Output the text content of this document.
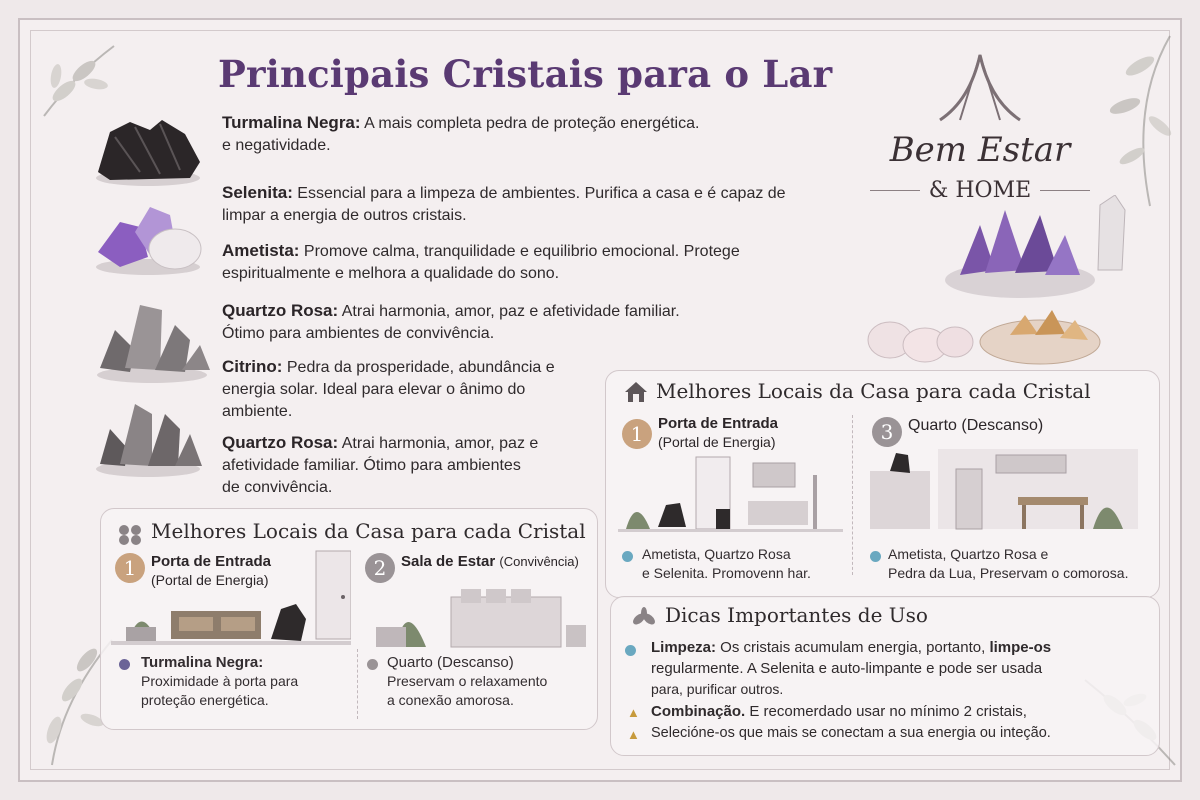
Principais Cristais para o Lar
Bem Estar
& HOME
Turmalina Negra: A mais completa pedra de proteção energética.
e negatividade.
Selenita: Essencial para a limpeza de ambientes. Purifica a casa e é capaz de
limpar a energia de outros cristais.
Ametista: Promove calma, tranquilidade e equilibrio emocional. Protege
espiritualmente e melhora a qualidade do sono.
Quartzo Rosa: Atrai harmonia, amor, paz e afetividade familiar.
Ótimo para ambientes de convivência.
Citrino: Pedra da prosperidade, abundância e
energia solar. Ideal para elevar o ânimo do
ambiente.
Quartzo Rosa: Atrai harmonia, amor, paz e
afetividade familiar. Ótimo para ambientes
de convivência.
Melhores Locais da Casa para cada Cristal
1 Porta de Entrada
(Portal de Energia)	2 Sala de Estar (Convivência)
Turmalina Negra:
Proximidade à porta para
proteção energética.
Quarto (Descanso)
Preservam o relaxamento
a conexão amorosa.
Melhores Locais da Casa para cada Cristal
1 Porta de Entrada
(Portal de Energia)	3 Quarto (Descanso)
Ametista, Quartzo Rosa
e Selenita. Promovenn har.
Ametista, Quartzo Rosa e
Pedra da Lua, Preservam o comorosa.
Dicas Importantes de Uso
Limpeza: Os cristais acumulam energia, portanto, limpe-os
regularmente. A Selenita e auto-limpante e pode ser usada
para, purificar outros.
▲ Combinação. E recomerdado usar no mínimo 2 cristais,
▲ Selecióne-os que mais se conectam a sua energia ou inteção.
